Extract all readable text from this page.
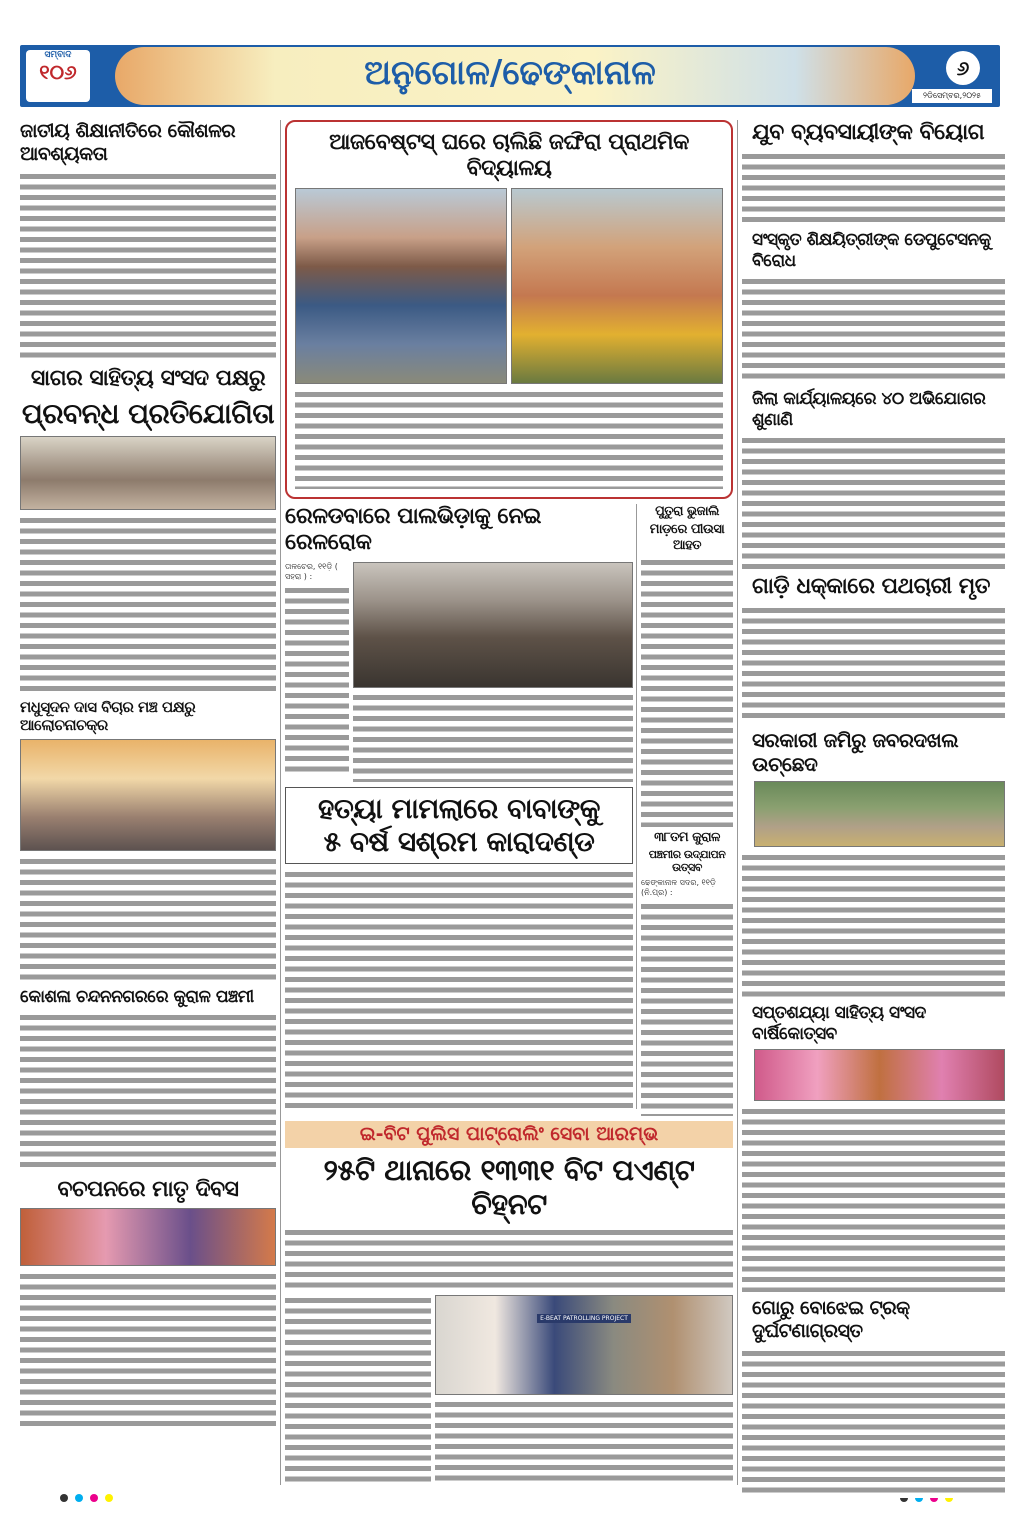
ସମ୍ବାଦ
୧୦୬	ଅନୁଗୋଳ/ଢେଙ୍କାନାଳ	୬
୨ଡିସେମ୍ବର,୨୦୨୫
ଜାତୀୟ ଶିକ୍ଷାନୀତିରେ କୌଶଳର ଆବଶ୍ୟକତା
ସାଗର ସାହିତ୍ୟ ସଂସଦ ପକ୍ଷରୁ
ପ୍ରବନ୍ଧ ପ୍ରତିଯୋଗିତା
ମଧୁସୂଦନ ଦାସ ବିଚାର ମଞ୍ଚ ପକ୍ଷରୁ ଆଲୋଚନାଚକ୍ର
କୋଶଳା ଚନ୍ଦନନଗରରେ କୁରାଳ ପଞ୍ଚମୀ
ବଚପନରେ ମାତୃ ଦିବସ
ଆଜବେଷ୍ଟସ୍ ଘରେ ଚାଲିଛି ଜଙ୍ଘିରା ପ୍ରାଥମିକ ବିଦ୍ୟାଳୟ
ରେଳଡବାରେ ପାଲଭିଡ଼ାକୁ ନେଇ ରେଳରୋକ
ତାଳଚେର, ୧୧ଡ଼ି ( ସହରା ) :
ହତ୍ୟା ମାମଲାରେ ବାବାଙ୍କୁ
୫ ବର୍ଷ ସଶ୍ରମ କାରାଦଣ୍ଡ
ପୁତୁରା ଭୁଜାଲି
ମାଡ଼ରେ ପୀଉସା ଆହତ
୩୮ତମ କୁରାଳ
ପଞ୍ଚମୀର ଉଦ୍ଯାପନ ଉତ୍ସବ
ଢେଙ୍କାନାଳ ସଦର, ୧୧ଡ଼ି (ନି.ପ୍ର) :
ଇ-ବିଟ ପୁଲିସ ପାଟ୍ରୋଲିଂ ସେବା ଆରମ୍ଭ
୨୫ଟି ଥାନାରେ ୧୩୩୧ ବିଟ ପଏଣ୍ଟ ଚିହ୍ନଟ
E-BEAT PATROLLING PROJECT
ଯୁବ ବ୍ୟବସାୟୀଙ୍କ ବିୟୋଗ
ସଂସ୍କୃତ ଶିକ୍ଷୟିତ୍ରୀଙ୍କ ଡେପୁଟେସନକୁ ବିରୋଧ
ଜିଲା କାର୍ଯ୍ୟାଳୟରେ ୪୦ ଅଭିଯୋଗର ଶୁଣାଣି
ଗାଡ଼ି ଧକ୍କାରେ ପଥଚାରୀ ମୃତ
ସରକାରୀ ଜମିରୁ ଜବରଦଖଲ ଉଚ୍ଛେଦ
ସପ୍ତଶଯ୍ୟା ସାହିତ୍ୟ ସଂସଦ ବାର୍ଷିକୋତ୍ସବ
ଗୋରୁ ବୋଝେଇ ଟ୍ରକ୍ ଦୁର୍ଘଟଣାଗ୍ରସ୍ତ
